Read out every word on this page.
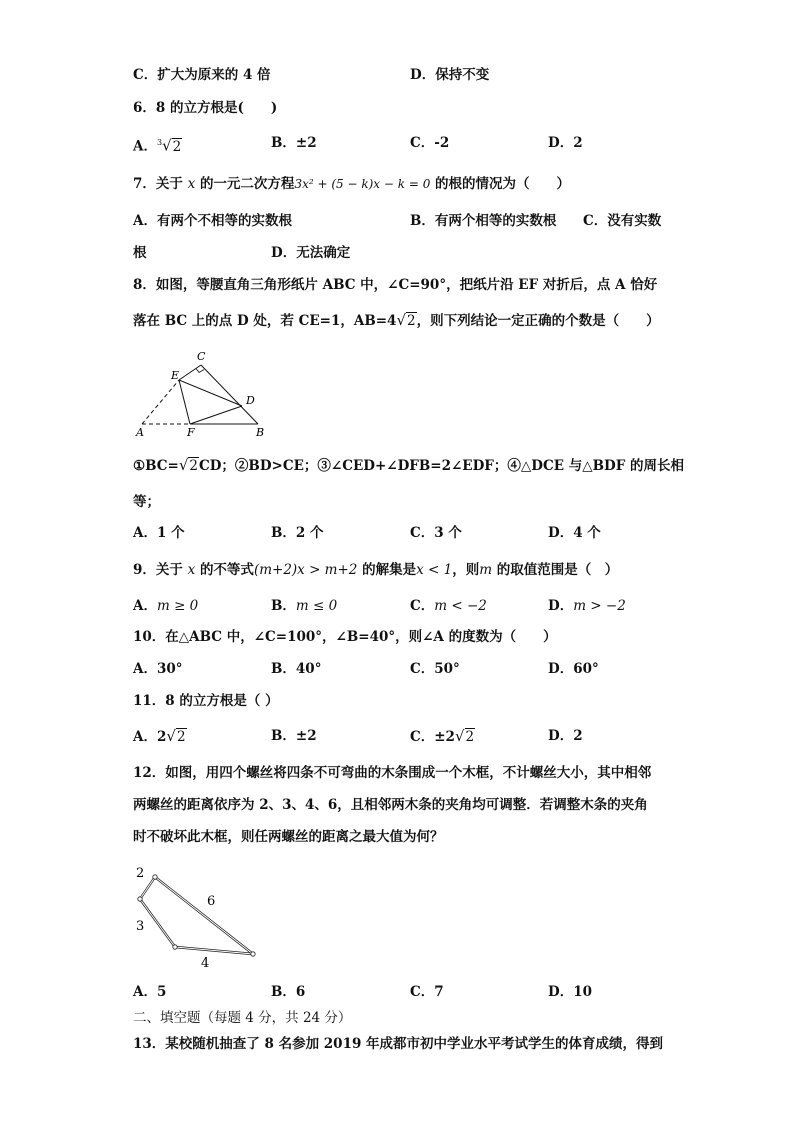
C．扩大为原来的 4 倍	D．保持不变
6．8 的立方根是(　　)
A．$^3$√2	B．±2	C．-2	D．2
7．关于 x 的一元二次方程3x² + (5 − k)x − k = 0 的根的情况为（　　）
A．有两个不相等的实数根	B．有两个相等的实数根 C．没有实数
根	D．无法确定
8．如图，等腰直角三角形纸片 ABC 中，∠C=90°，把纸片沿 EF 对折后，点 A 恰好
落在 BC 上的点 D 处，若 CE=1，AB=4√2，则下列结论一定正确的个数是（　　）
C
E
D
A	F	B
①BC=√2CD；②BD>CE；③∠CED+∠DFB=2∠EDF；④△DCE 与△BDF 的周长相
等；
A．1 个	B．2 个	C．3 个	D．4 个
9．关于 x 的不等式(m+2)x > m+2 的解集是x < 1，则m 的取值范围是（　）
A．m ≥ 0	B．m ≤ 0	C．m < −2	D．m > −2
10．在△ABC 中，∠C=100°，∠B=40°，则∠A 的度数为（　　）
A．30°	B．40°	C．50°	D．60°
11．8 的立方根是（ ）
A．2√2	B．±2	C．±2√2	D．2
12．如图，用四个螺丝将四条不可弯曲的木条围成一个木框，不计螺丝大小，其中相邻
两螺丝的距离依序为 2、3、4、6，且相邻两木条的夹角均可调整．若调整木条的夹角
时不破坏此木框，则任两螺丝的距离之最大值为何？
2
3
4
6
A．5	B．6	C．7	D．10
二、填空题（每题 4 分，共 24 分）
13．某校随机抽查了 8 名参加 2019 年成都市初中学业水平考试学生的体育成绩，得到
